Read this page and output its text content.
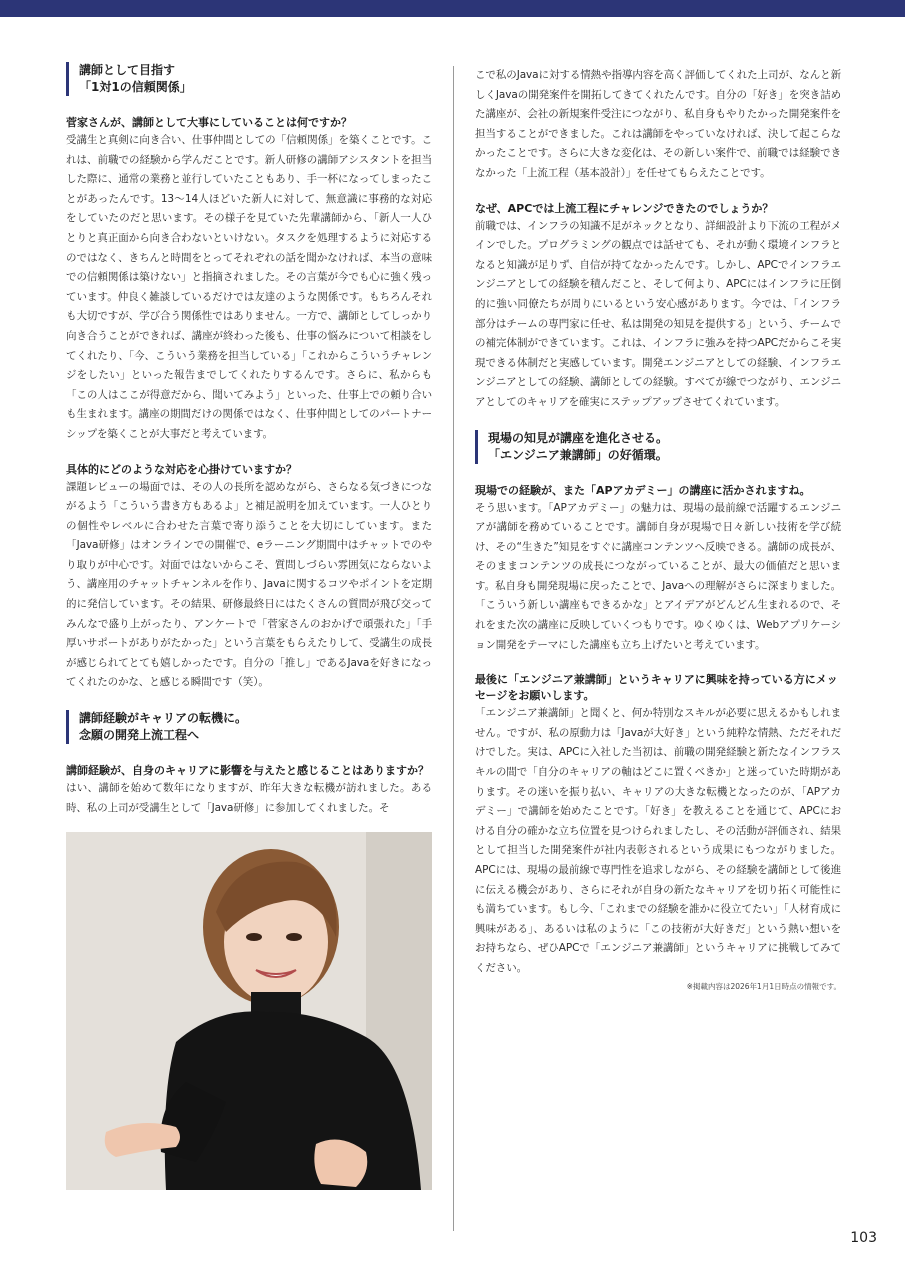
講師として目指す
「1対1の信頼関係」

菅家さんが、講師として大事にしていることは何ですか？

受講生と真剣に向き合い、仕事仲間としての「信頼関係」を築くことです。これは、前職での経験から学んだことです。新人研修の講師アシスタントを担当した際に、通常の業務と並行していたこともあり、手一杯になってしまったことがあったんです。13〜14人ほどいた新人に対して、無意識に事務的な対応をしていたのだと思います。その様子を見ていた先輩講師から、「新人一人ひとりと真正面から向き合わないといけない。タスクを処理するように対応するのではなく、きちんと時間をとってそれぞれの話を聞かなければ、本当の意味での信頼関係は築けない」と指摘されました。その言葉が今でも心に強く残っています。仲良く雑談しているだけでは友達のような関係です。もちろんそれも大切ですが、学び合う関係性ではありません。一方で、講師としてしっかり向き合うことができれば、講座が終わった後も、仕事の悩みについて相談をしてくれたり、「今、こういう業務を担当している」「これからこういうチャレンジをしたい」といった報告までしてくれたりするんです。さらに、私からも「この人はここが得意だから、聞いてみよう」といった、仕事上での頼り合いも生まれます。講座の期間だけの関係ではなく、仕事仲間としてのパートナーシップを築くことが大事だと考えています。

具体的にどのような対応を心掛けていますか？

課題レビューの場面では、その人の長所を認めながら、さらなる気づきにつながるよう「こういう書き方もあるよ」と補足説明を加えています。一人ひとりの個性やレベルに合わせた言葉で寄り添うことを大切にしています。また「Java研修」はオンラインでの開催で、eラーニング期間中はチャットでのやり取りが中心です。対面ではないからこそ、質問しづらい雰囲気にならないよう、講座用のチャットチャンネルを作り、Javaに関するコツやポイントを定期的に発信しています。その結果、研修最終日にはたくさんの質問が飛び交ってみんなで盛り上がったり、アンケートで「菅家さんのおかげで頑張れた」「手厚いサポートがありがたかった」という言葉をもらえたりして、受講生の成長が感じられてとても嬉しかったです。自分の「推し」であるJavaを好きになってくれたのかな、と感じる瞬間です（笑）。

講師経験がキャリアの転機に。
念願の開発上流工程へ

講師経験が、自身のキャリアに影響を与えたと感じることはありますか？

はい、講師を始めて数年になりますが、昨年大きな転機が訪れました。ある時、私の上司が受講生として「Java研修」に参加してくれました。そ

こで私のJavaに対する情熱や指導内容を高く評価してくれた上司が、なんと新しくJavaの開発案件を開拓してきてくれたんです。自分の「好き」を突き詰めた講座が、会社の新規案件受注につながり、私自身もやりたかった開発案件を担当することができました。これは講師をやっていなければ、決して起こらなかったことです。さらに大きな変化は、その新しい案件で、前職では経験できなかった「上流工程（基本設計）」を任せてもらえたことです。

なぜ、APCでは上流工程にチャレンジできたのでしょうか？

前職では、インフラの知識不足がネックとなり、詳細設計より下流の工程がメインでした。プログラミングの観点では話せても、それが動く環境インフラとなると知識が足りず、自信が持てなかったんです。しかし、APCでインフラエンジニアとしての経験を積んだこと、そして何より、APCにはインフラに圧倒的に強い同僚たちが周りにいるという安心感があります。今では、「インフラ部分はチームの専門家に任せ、私は開発の知見を提供する」という、チームでの補完体制ができています。これは、インフラに強みを持つAPCだからこそ実現できる体制だと実感しています。開発エンジニアとしての経験、インフラエンジニアとしての経験、講師としての経験。すべてが線でつながり、エンジニアとしてのキャリアを確実にステップアップさせてくれています。

現場の知見が講座を進化させる。
「エンジニア兼講師」の好循環。

現場での経験が、また「APアカデミー」の講座に活かされますね。

そう思います。「APアカデミー」の魅力は、現場の最前線で活躍するエンジニアが講師を務めていることです。講師自身が現場で日々新しい技術を学び続け、その“生きた”知見をすぐに講座コンテンツへ反映できる。講師の成長が、そのままコンテンツの成長につながっていることが、最大の価値だと思います。私自身も開発現場に戻ったことで、Javaへの理解がさらに深まりました。「こういう新しい講座もできるかな」とアイデアがどんどん生まれるので、それをまた次の講座に反映していくつもりです。ゆくゆくは、Webアプリケーション開発をテーマにした講座も立ち上げたいと考えています。

最後に「エンジニア兼講師」というキャリアに興味を持っている方にメッセージをお願いします。

「エンジニア兼講師」と聞くと、何か特別なスキルが必要に思えるかもしれません。ですが、私の原動力は「Javaが大好き」という純粋な情熱、ただそれだけでした。実は、APCに入社した当初は、前職の開発経験と新たなインフラスキルの間で「自分のキャリアの軸はどこに置くべきか」と迷っていた時期があります。その迷いを振り払い、キャリアの大きな転機となったのが、「APアカデミー」で講師を始めたことです。「好き」を教えることを通じて、APCにおける自分の確かな立ち位置を見つけられましたし、その活動が評価され、結果として担当した開発案件が社内表彰されるという成果にもつながりました。APCには、現場の最前線で専門性を追求しながら、その経験を講師として後進に伝える機会があり、さらにそれが自身の新たなキャリアを切り拓く可能性にも満ちています。もし今、「これまでの経験を誰かに役立てたい」「人材育成に興味がある」、あるいは私のように「この技術が大好きだ」という熱い想いをお持ちなら、ぜひAPCで「エンジニア兼講師」というキャリアに挑戦してみてください。

※掲載内容は2026年1月1日時点の情報です。

103
